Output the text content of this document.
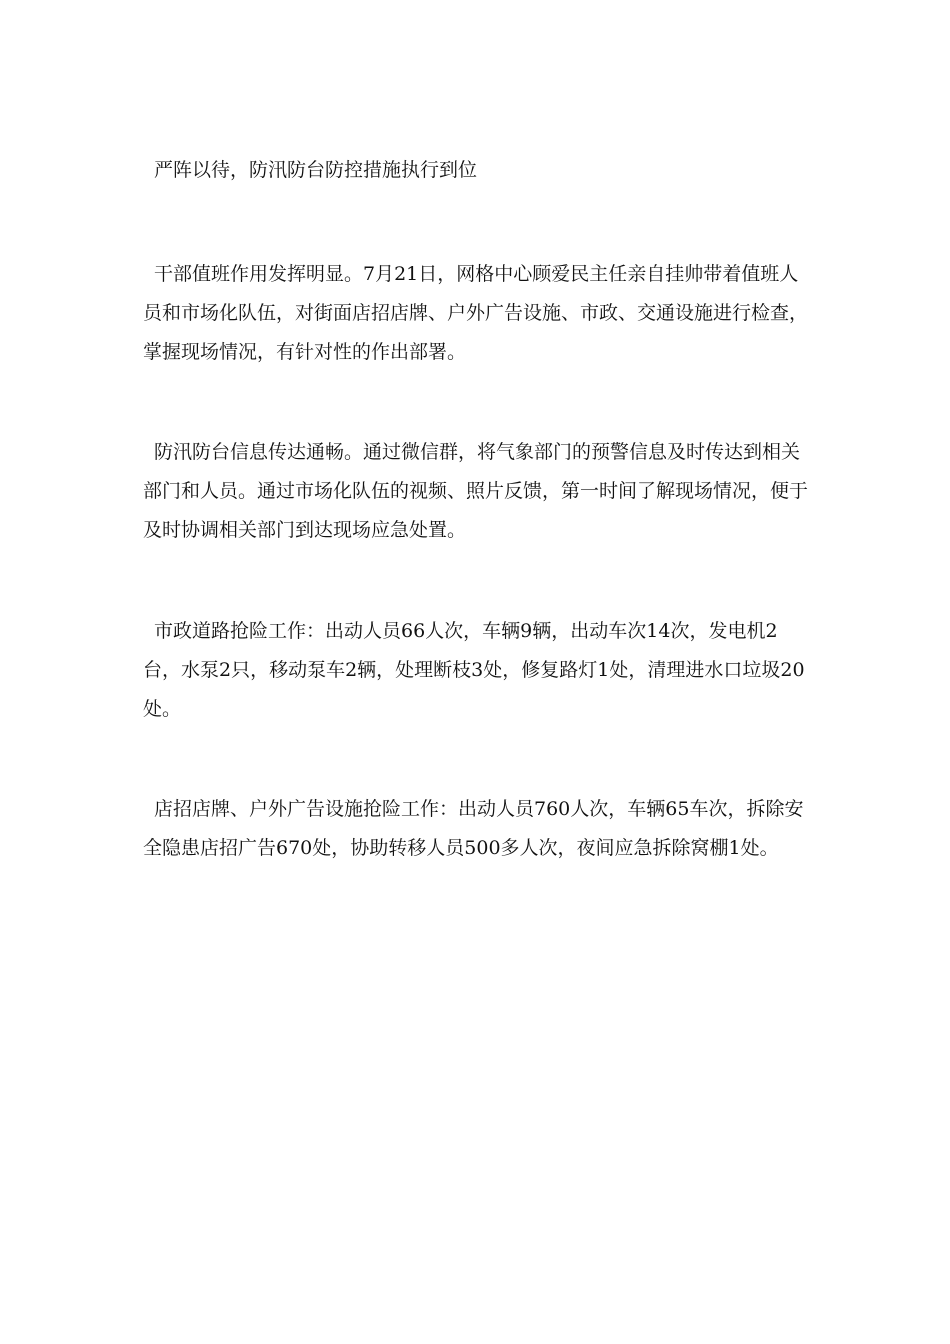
严阵以待，防汛防台防控措施执行到位

干部值班作用发挥明显。7月21日，网格中心顾爱民主任亲自挂帅带着值班人员和市场化队伍，对街面店招店牌、户外广告设施、市政、交通设施进行检查，掌握现场情况，有针对性的作出部署。

防汛防台信息传达通畅。通过微信群，将气象部门的预警信息及时传达到相关部门和人员。通过市场化队伍的视频、照片反馈，第一时间了解现场情况，便于及时协调相关部门到达现场应急处置。

市政道路抢险工作：出动人员66人次，车辆9辆，出动车次14次，发电机2台，水泵2只，移动泵车2辆，处理断枝3处，修复路灯1处，清理进水口垃圾20处。

店招店牌、户外广告设施抢险工作：出动人员760人次，车辆65车次，拆除安全隐患店招广告670处，协助转移人员500多人次，夜间应急拆除窝棚1处。
